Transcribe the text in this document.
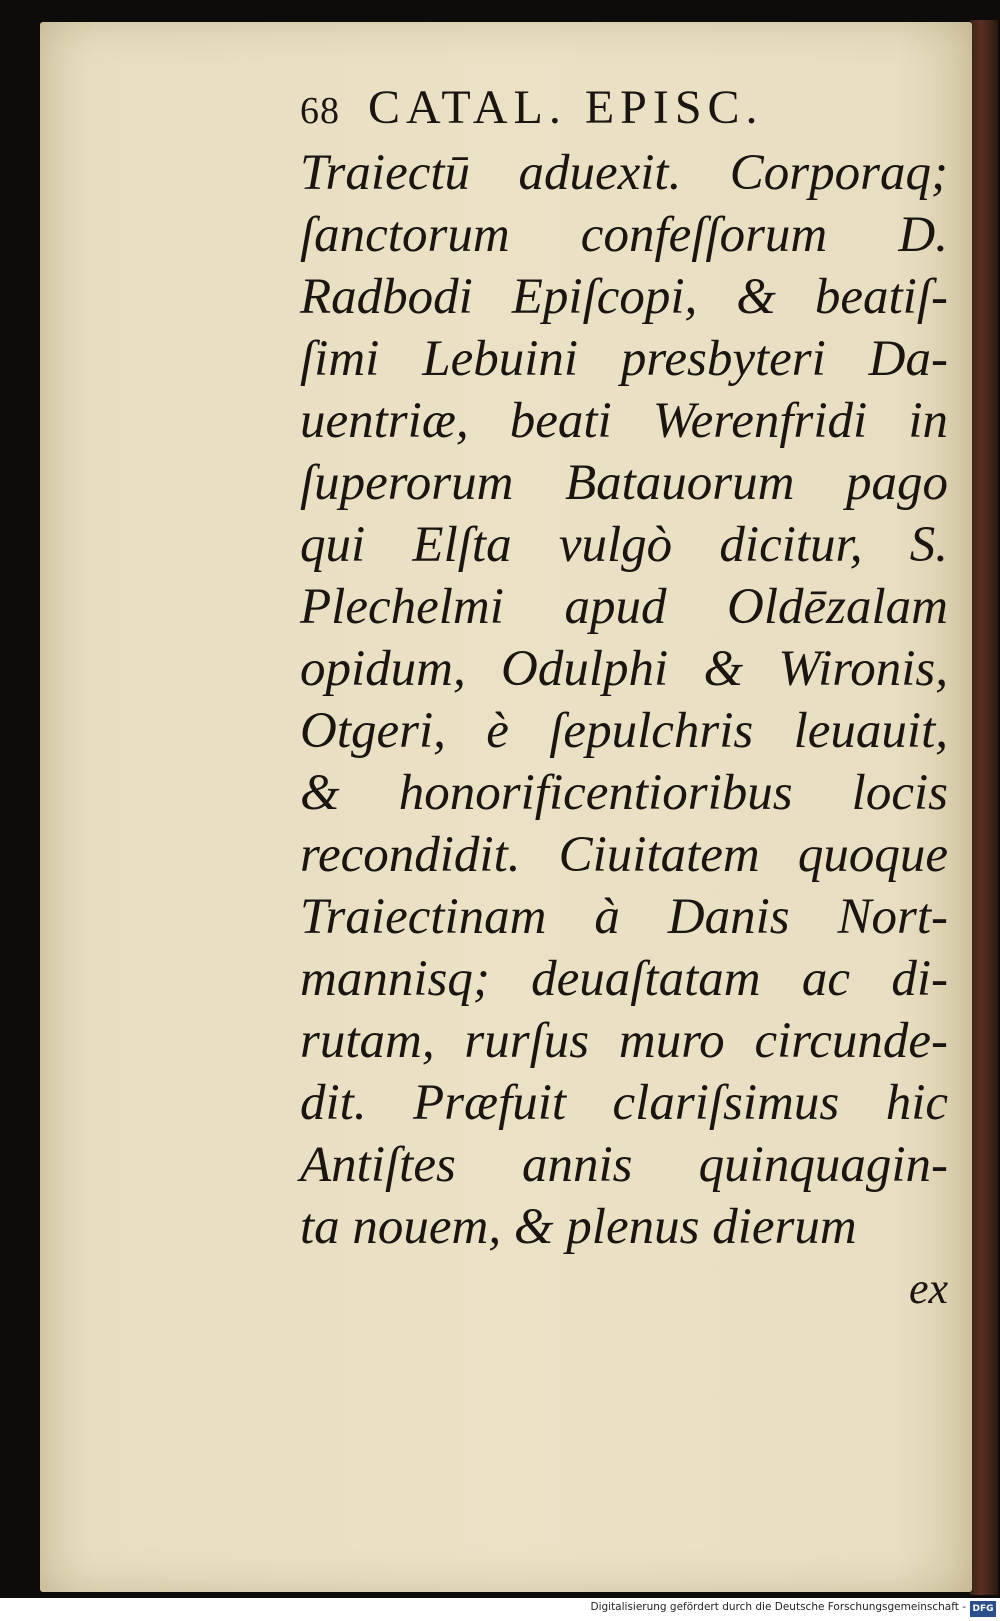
68 CATAL. EPISC.
Traiectū aduexit. Corporaq;
ſanctorum confeſſorum D.
Radbodi Epiſcopi, & beatiſ-
ſimi Lebuini presbyteri Da-
uentriæ, beati Werenfridi in
ſuperorum Batauorum pago
qui Elſta vulgò dicitur, S.
Plechelmi apud Oldēzalam
opidum, Odulphi & Wironis,
Otgeri, è ſepulchris leuauit,
& honorificentioribus locis
recondidit. Ciuitatem quoque
Traiectinam à Danis Nort-
mannisq; deuaſtatam ac di-
rutam, rurſus muro circunde-
dit. Præfuit clariſsimus hic
Antiſtes annis quinquagin-
ta nouem, & plenus dierum
ex
Digitalisierung gefördert durch die Deutsche Forschungsgemeinschaft - DFG
